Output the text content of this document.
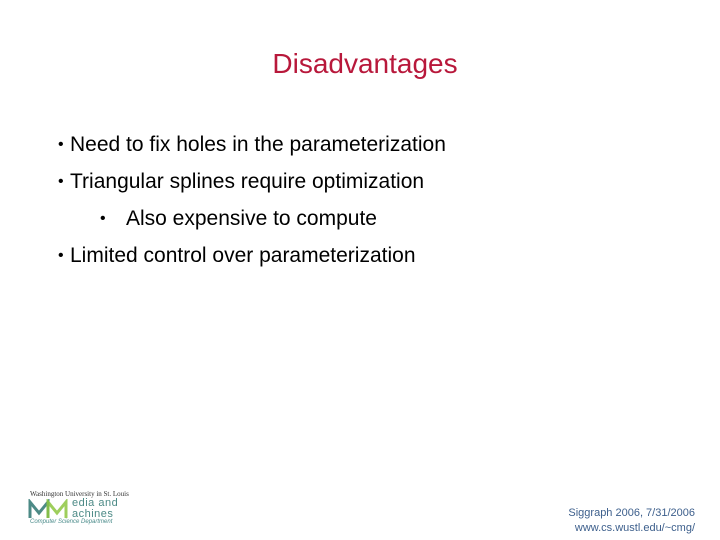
Disadvantages
• Need to fix holes in the parameterization
• Triangular splines require optimization
• Also expensive to compute
• Limited control over parameterization
Washington University in St. Louis
edia and
achines
Computer Science Department
Siggraph 2006, 7/31/2006
www.cs.wustl.edu/~cmg/
